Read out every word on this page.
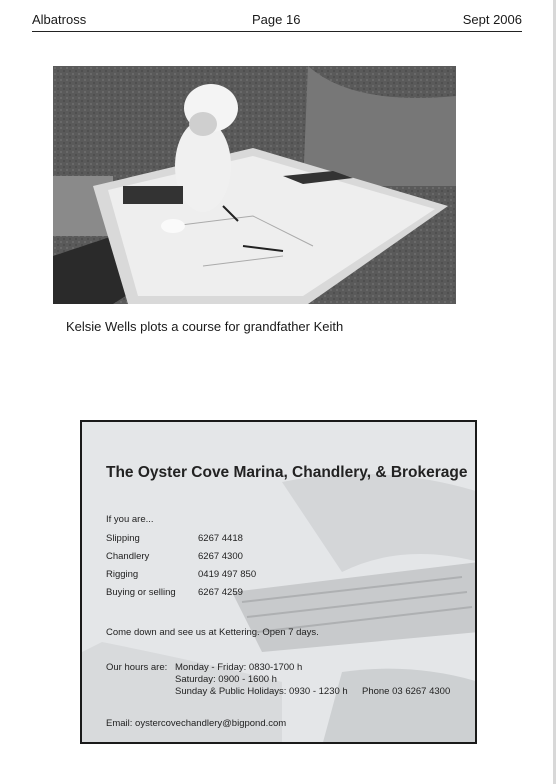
Albatross	Page 16	Sept 2006
Kelsie Wells plots a course for grandfather Keith
The Oyster Cove Marina, Chandlery, & Brokerage
If you are...
Slipping	6267 4418
Chandlery	6267 4300
Rigging	0419 497 850
Buying or selling 6267 4259
Come down and see us at Kettering. Open 7 days.
Our hours are: Monday - Friday: 0830-1700 h
Saturday: 0900 - 1600 h
Sunday & Public Holidays: 0930 - 1230 h Phone 03 6267 4300
Email: oystercovechandlery@bigpond.com
